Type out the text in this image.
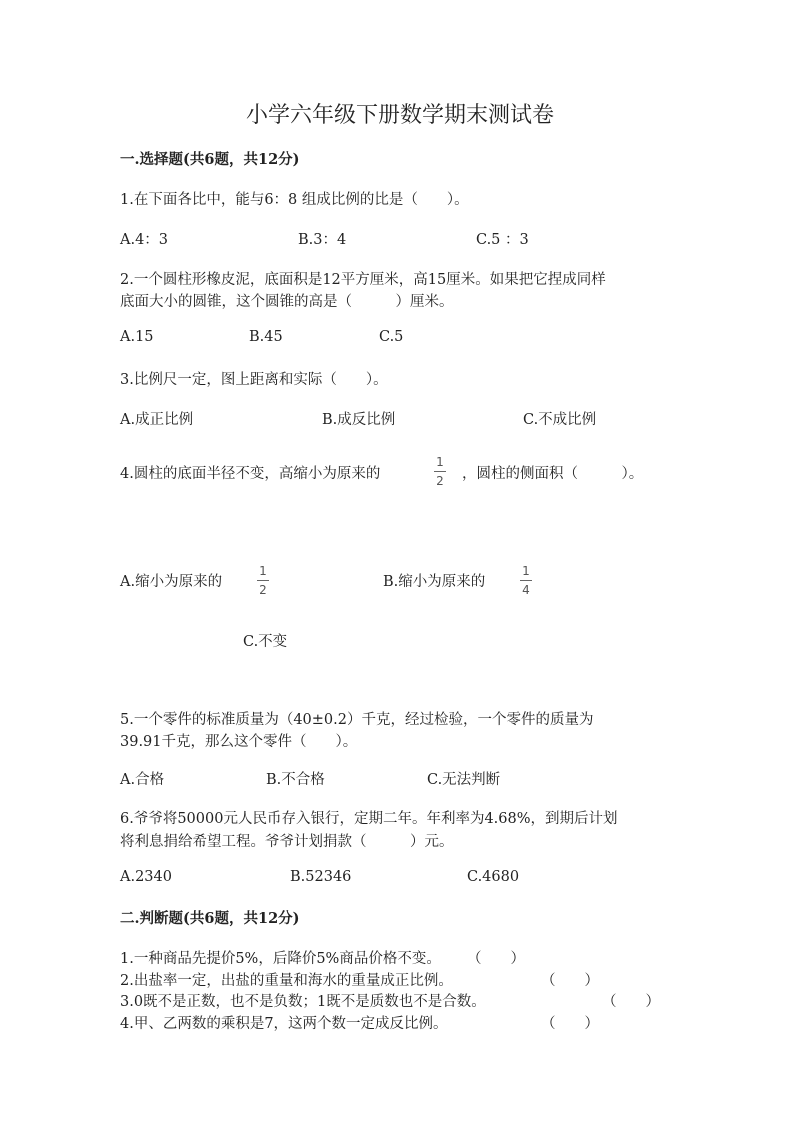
小学六年级下册数学期末测试卷
一.选择题(共6题，共12分)
1.在下面各比中，能与6：8 组成比例的比是（　　）。
A.4：3	B.3：4	C.5 ：3
2.一个圆柱形橡皮泥，底面积是12平方厘米，高15厘米。如果把它捏成同样
底面大小的圆锥，这个圆锥的高是（　　　）厘米。
A.15	B.45	C.5
3.比例尺一定，图上距离和实际（　　）。
A.成正比例	B.成反比例	C.不成比例
4.圆柱的底面半径不变，高缩小为原来的
1
2 ，圆柱的侧面积（　　　）。
A.缩小为原来的
1
2	B.缩小为原来的
1
4
C.不变
5.一个零件的标准质量为（40±0.2）千克，经过检验，一个零件的质量为
39.91千克，那么这个零件（　　）。
A.合格	B.不合格	C.无法判断
6.爷爷将50000元人民币存入银行，定期二年。年利率为4.68%，到期后计划
将利息捐给希望工程。爷爷计划捐款（　　　）元。
A.2340	B.52346	C.4680
二.判断题(共6题，共12分)
1.一种商品先提价5%，后降价5%商品价格不变。 （　　）
2.出盐率一定，出盐的重量和海水的重量成正比例。	（　　）
3.0既不是正数，也不是负数；1既不是质数也不是合数。	（　　）
4.甲、乙两数的乘积是7，这两个数一定成反比例。	（　　）
